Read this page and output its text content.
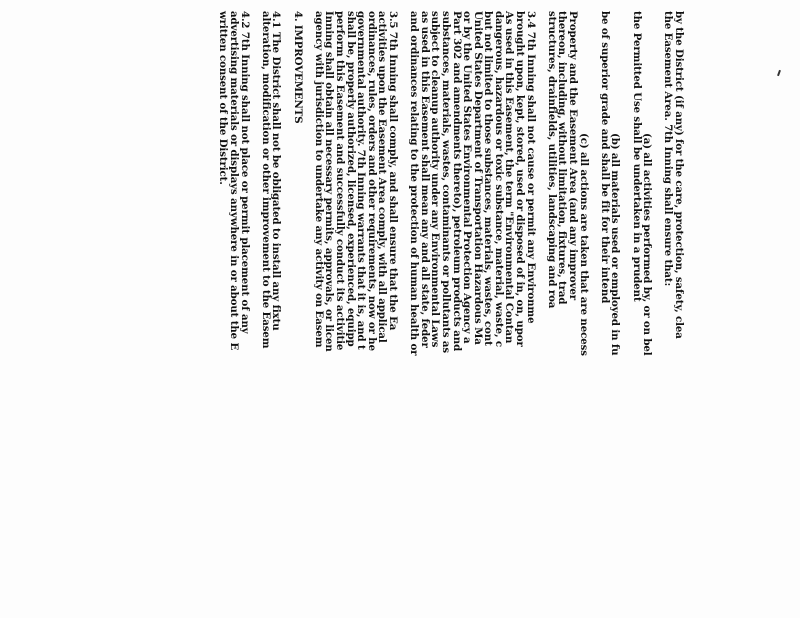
by the District (if any) for the care, protection, safety, clea
the Easement Area. 7th Inning shall ensure that:
(a) all activities performed by, or on bel
the Permitted Use shall be undertaken in a prudent
(b) all materials used or employed in fu
be of superior grade and shall be fit for their intend
(c) all actions are taken that are necess
Property and the Easement Area (and any improver
thereon, including, without limitation, fixtures, trad
structures, drainfields, utilities, landscaping and roa
3.4 7th Inning shall not cause or permit any Environme
brought upon, kept, stored, used or disposed of in, on, upor
As used in this Easement, the term "Environmental Contan
dangerous, hazardous or toxic substance, material, waste, c
but not limited to those substances, materials, wastes, cont
United States Department of Transportation Hazardous Ma
or by the United States Environmental Protection Agency a
Part 302 and amendments thereto), petroleum products and
substances, materials, wastes, contaminants or pollutants as
subject to cleanup authority under any Environmental Laws
as used in this Easement shall mean any and all state, feder
and ordinances relating to the protection of human health or
3.5 7th Inning shall comply, and shall ensure that the Ea
activities upon the Easement Area comply, with all applical
ordinances, rules, orders and other requirements, now or he
governmental authority. 7th Inning warrants that it is, and t
shall be, properly authorized, licensed, experienced, equipp
perform this Easement and successfully conduct its activitie
Inning shall obtain all necessary permits, approvals, or licen
agency with jurisdiction to undertake any activity on Easem
4. IMPROVEMENTS
4.1 The District shall not be obligated to install any fixtu
alteration, modification or other improvement to the Easem
4.2 7th Inning shall not place or permit placement of any
advertising materials or displays anywhere in or about the E
written consent of the District.
